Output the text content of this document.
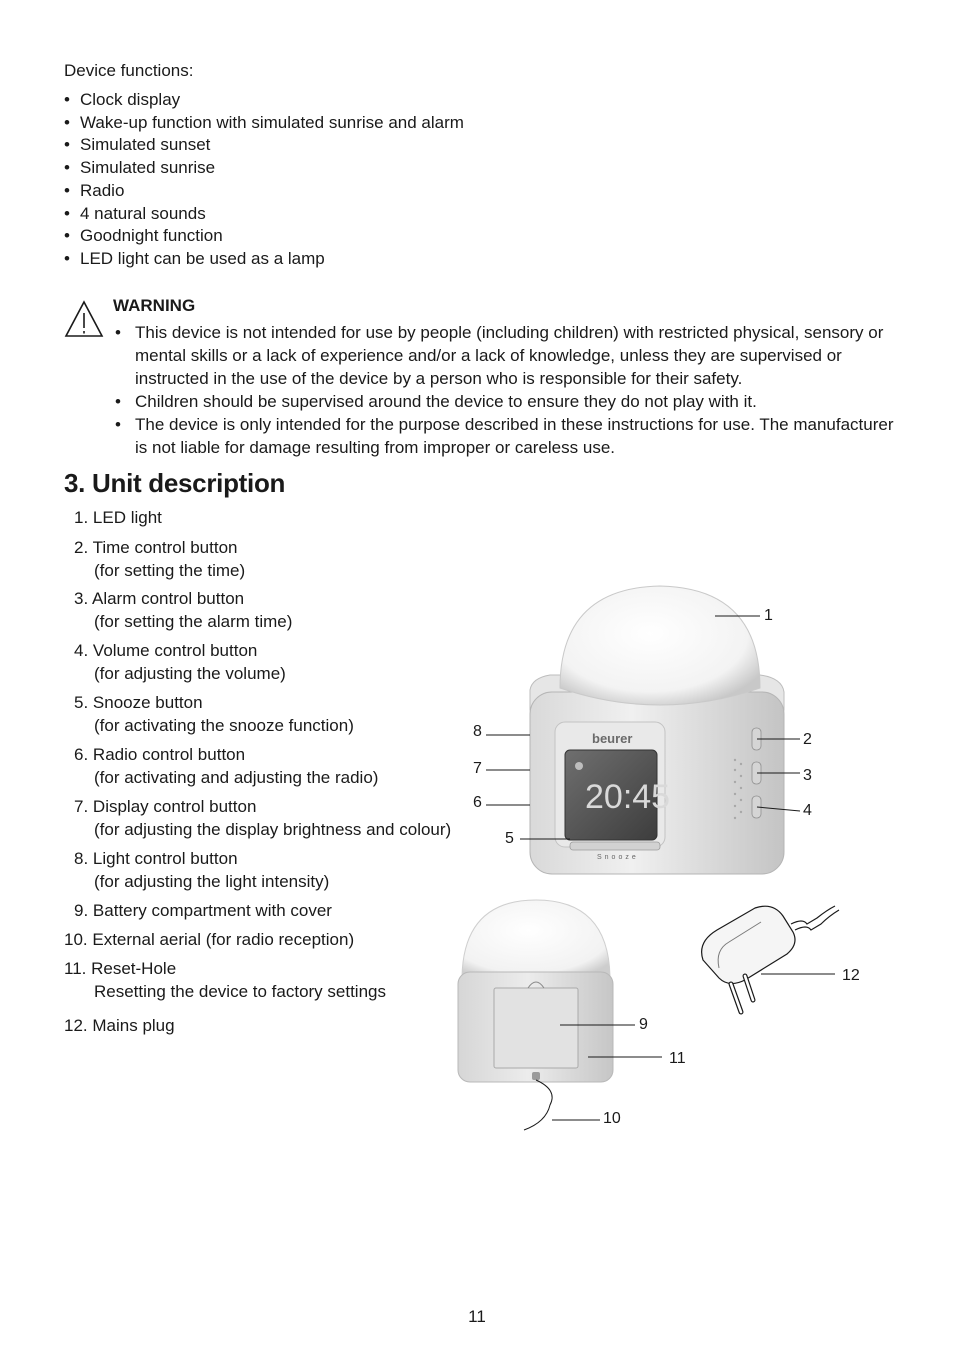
Device functions:
• Clock display
• Wake-up function with simulated sunrise and alarm
• Simulated sunset
• Simulated sunrise
• Radio
• 4 natural sounds
• Goodnight function
• LED light can be used as a lamp
WARNING
• This device is not intended for use by people (including children) with restricted physical, sensory or mental skills or a lack of experience and/or a lack of knowledge, unless they are supervised or instructed in the use of the device by a person who is responsible for their safety.
• Children should be supervised around the device to ensure they do not play with it.
• The device is only intended for the purpose described in these instructions for use. The manufacturer is not liable for damage resulting from improper or careless use.
3. Unit description
1. LED light
2. Time control button
(for setting the time)
3. Alarm control button
(for setting the alarm time)
4. Volume control button
(for adjusting the volume)
5. Snooze button
(for activating the snooze function)
6. Radio control button
(for activating and adjusting the radio)
7. Display control button
(for adjusting the display brightness and colour)
8. Light control button
(for adjusting the light intensity)
9. Battery compartment with cover
10. External aerial (for radio reception)
11. Reset-Hole
Resetting the device to factory settings
12. Mains plug
beurer
20:45
Snooze
1
2
3
4
5
6
7
8
9
10
11
12
11
